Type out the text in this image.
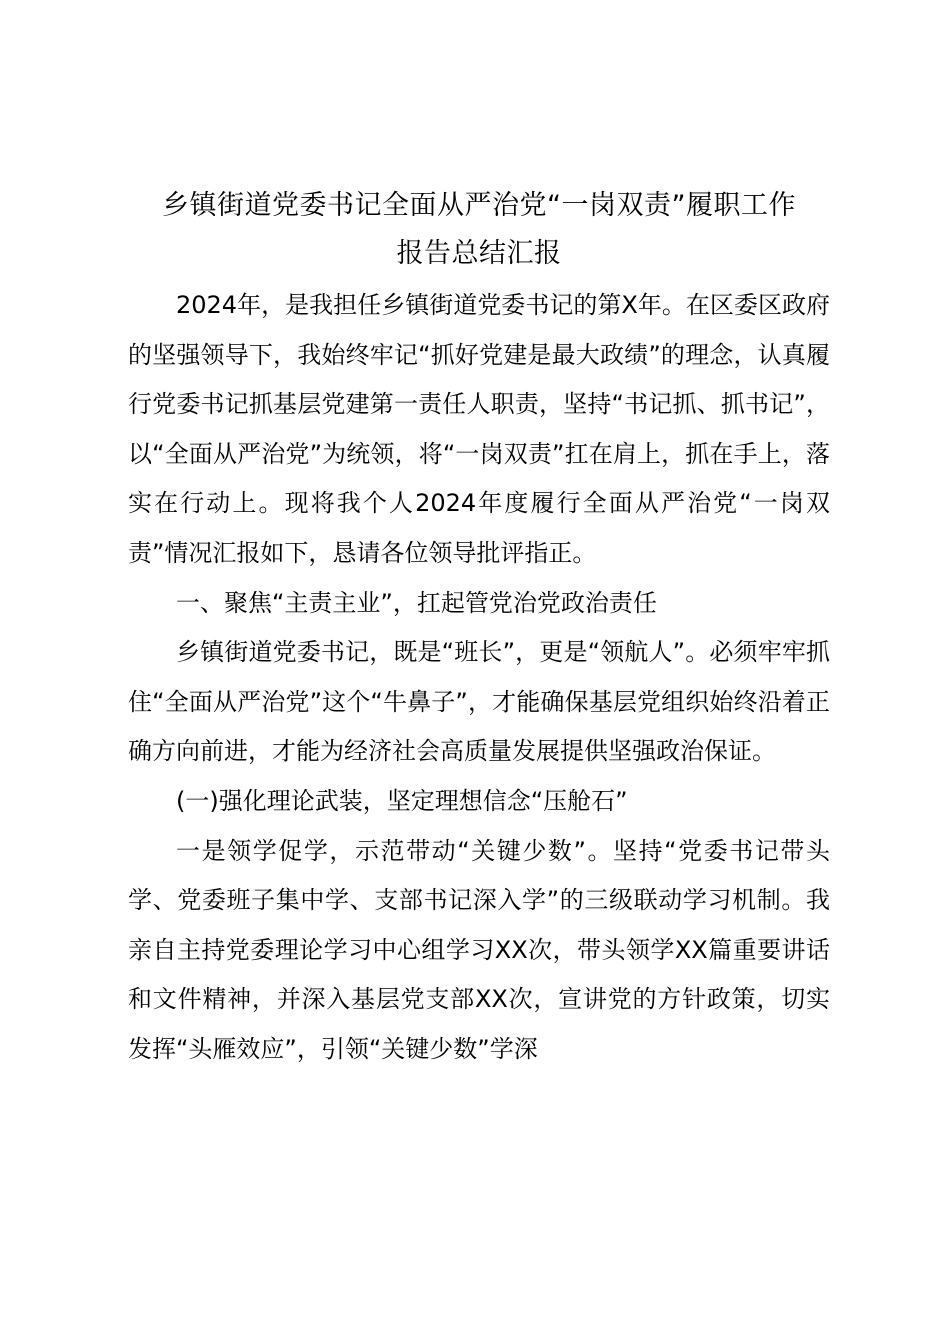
乡镇街道党委书记全面从严治党“一岗双责”履职工作
报告总结汇报

2024年，是我担任乡镇街道党委书记的第X年。在区委区政府的坚强领导下，我始终牢记“抓好党建是最大政绩”的理念，认真履行党委书记抓基层党建第一责任人职责，坚持“书记抓、抓书记”，以“全面从严治党”为统领，将“一岗双责”扛在肩上，抓在手上，落实在行动上。现将我个人2024年度履行全面从严治党“一岗双责”情况汇报如下，恳请各位领导批评指正。

一、聚焦“主责主业”，扛起管党治党政治责任

乡镇街道党委书记，既是“班长”，更是“领航人”。必须牢牢抓住“全面从严治党”这个“牛鼻子”，才能确保基层党组织始终沿着正确方向前进，才能为经济社会高质量发展提供坚强政治保证。

(一)强化理论武装，坚定理想信念“压舱石”

一是领学促学，示范带动“关键少数”。坚持“党委书记带头学、党委班子集中学、支部书记深入学”的三级联动学习机制。我亲自主持党委理论学习中心组学习XX次，带头领学XX篇重要讲话和文件精神，并深入基层党支部XX次，宣讲党的方针政策，切实发挥“头雁效应”，引领“关键少数”学深
